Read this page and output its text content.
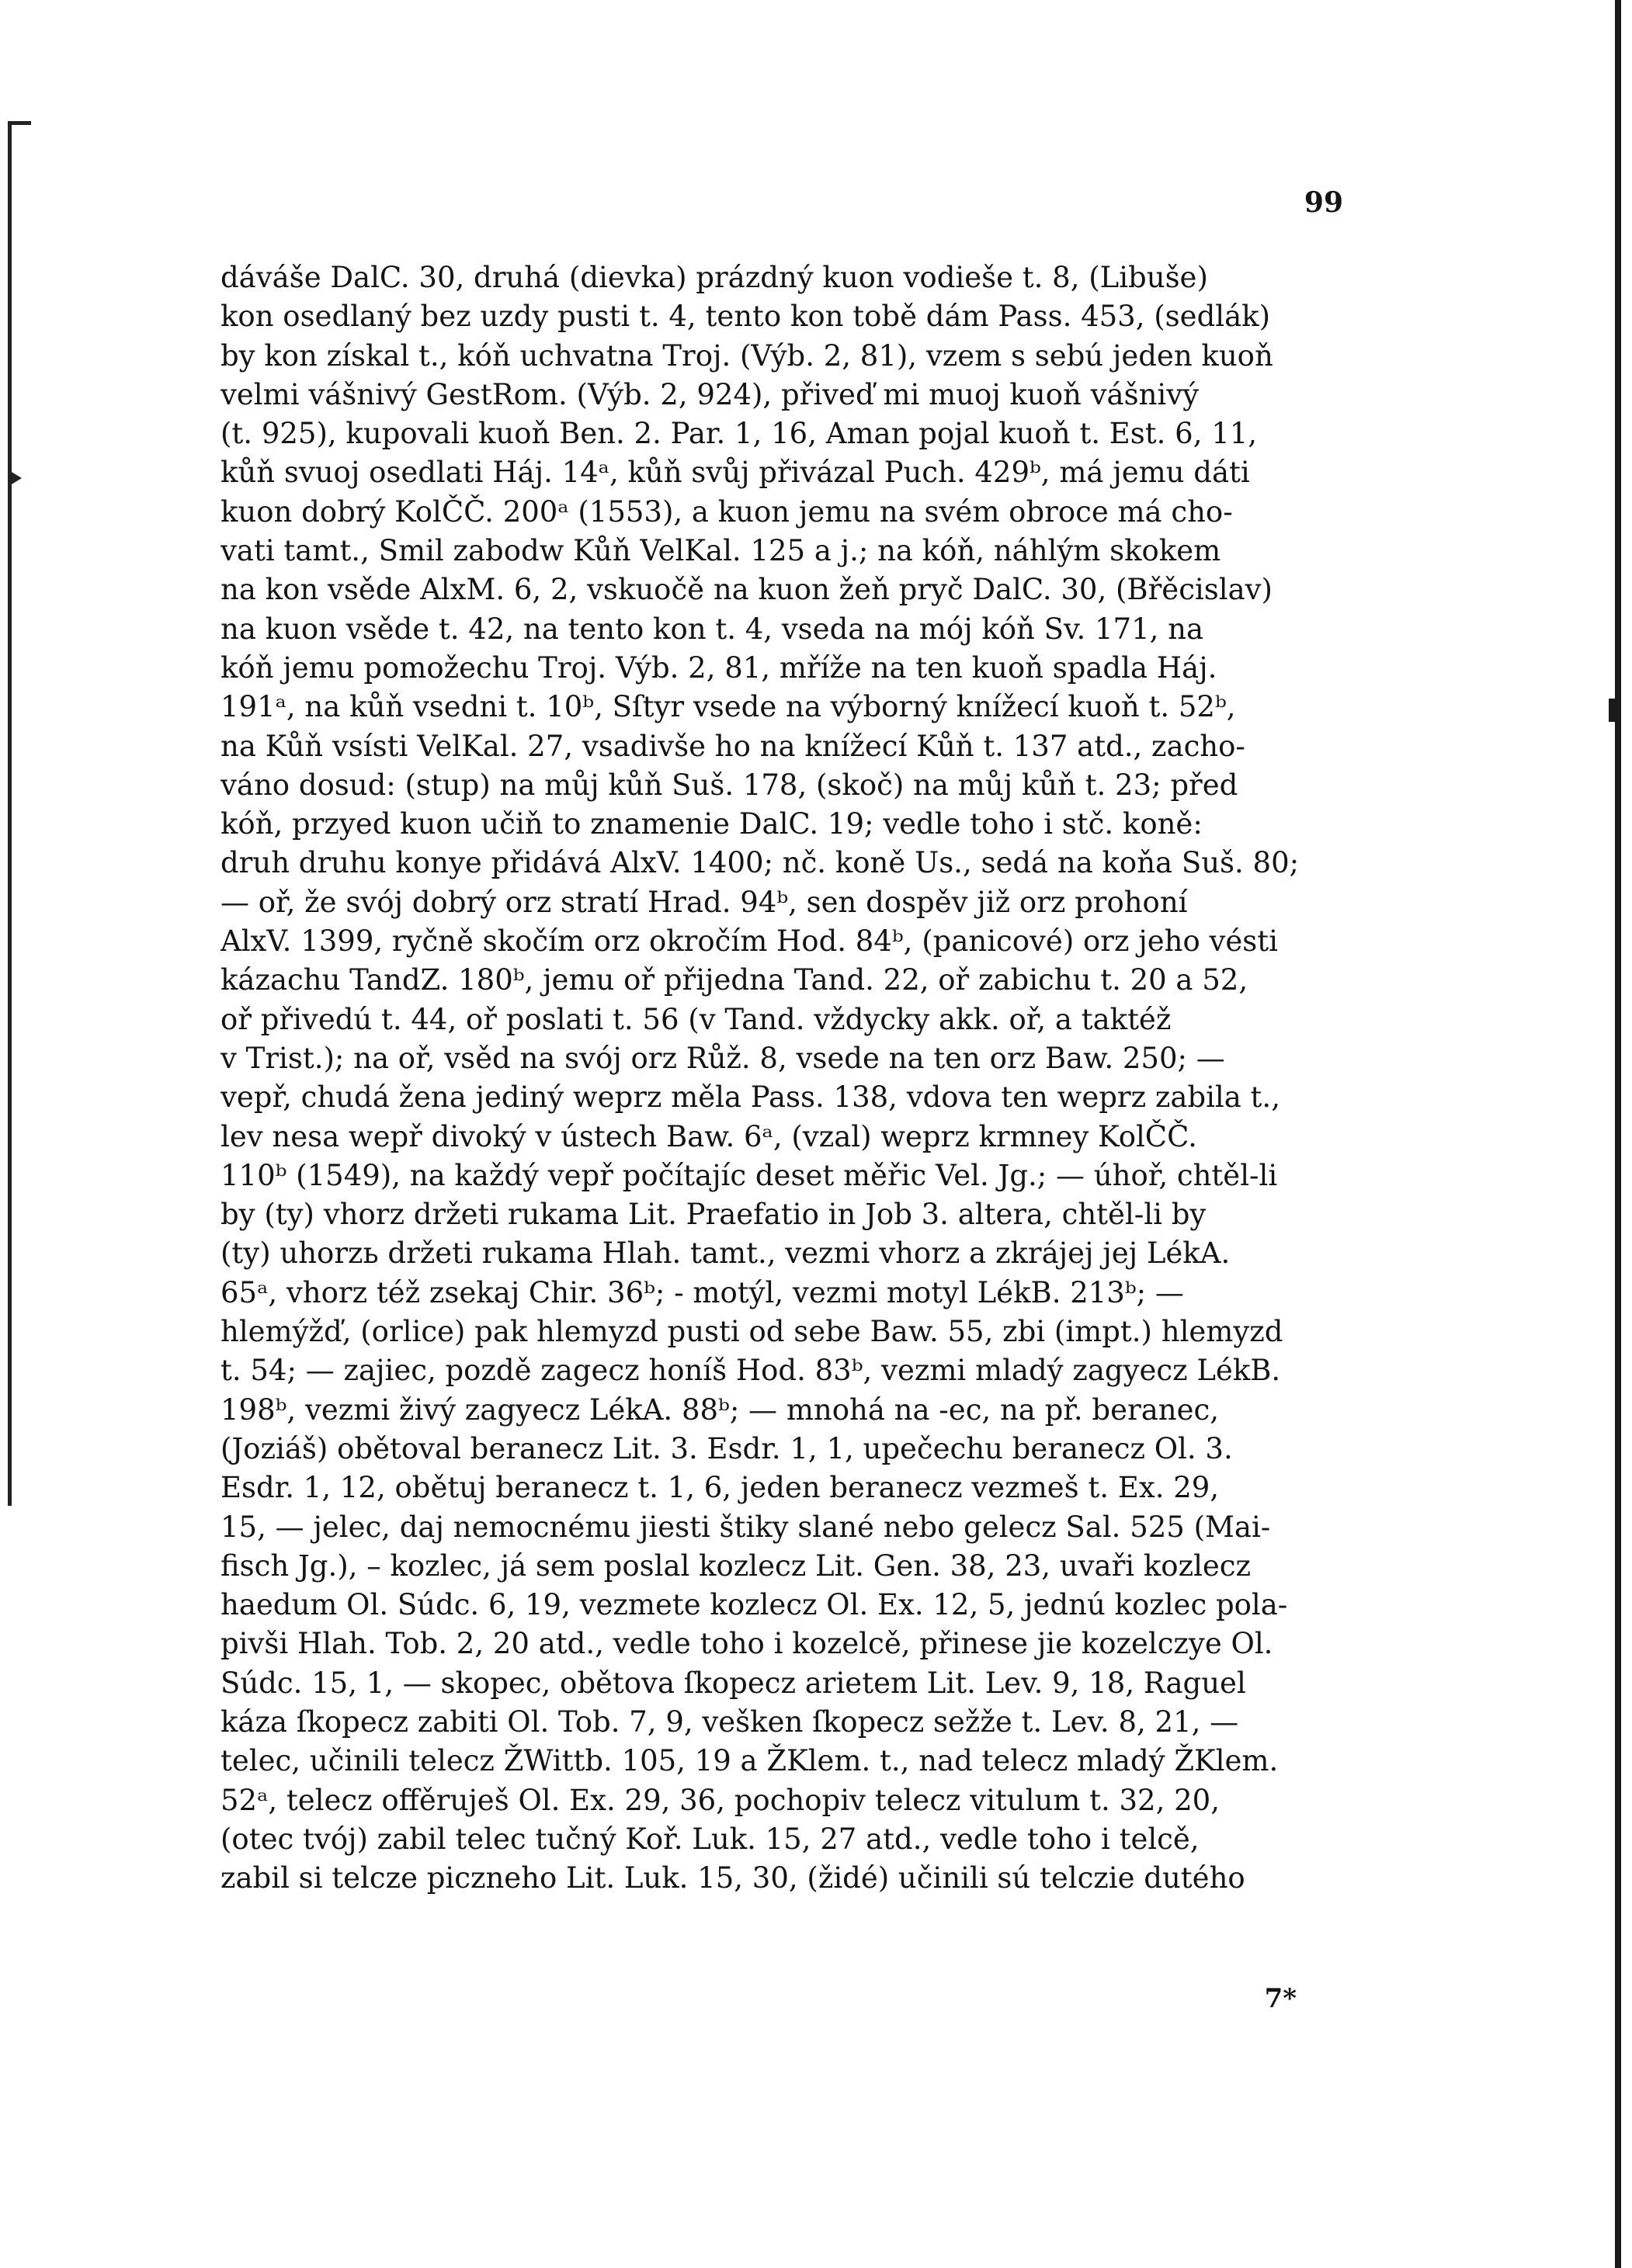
99
dáváše DalC. 30, druhá (dievka) prázdný kuon vodieše t. 8, (Libuše)
kon osedlaný bez uzdy pusti t. 4, tento kon tobě dám Pass. 453, (sedlák)
by kon získal t., kóň uchvatna Troj. (Výb. 2, 81), vzem s sebú jeden kuoň
velmi vášnivý GestRom. (Výb. 2, 924), přiveď mi muoj kuoň vášnivý
(t. 925), kupovali kuoň Ben. 2. Par. 1, 16, Aman pojal kuoň t. Est. 6, 11,
kůň svuoj osedlati Háj. 14ᵃ, kůň svůj přivázal Puch. 429ᵇ, má jemu dáti
kuon dobrý KolČČ. 200ᵃ (1553), a kuon jemu na svém obroce má cho-
vati tamt., Smil zabodw Kůň VelKal. 125 a j.; na kóň, náhlým skokem
na kon vsěde AlxM. 6, 2, vskuočě na kuon žeň pryč DalC. 30, (Břěcislav)
na kuon vsěde t. 42, na tento kon t. 4, vseda na mój kóň Sv. 171, na
kóň jemu pomožechu Troj. Výb. 2, 81, mříže na ten kuoň spadla Háj.
191ᵃ, na kůň vsedni t. 10ᵇ, Sſtyr vsede na výborný knížecí kuoň t. 52ᵇ,
na Kůň vsísti VelKal. 27, vsadivše ho na knížecí Kůň t. 137 atd., zacho-
váno dosud: (stup) na můj kůň Suš. 178, (skoč) na můj kůň t. 23; před
kóň, przyed kuon učiň to znamenie DalC. 19; vedle toho i stč. koně:
druh druhu konye přidává AlxV. 1400; nč. koně Us., sedá na koňa Suš. 80;
— oř, že svój dobrý orz stratí Hrad. 94ᵇ, sen dospěv již orz prohoní
AlxV. 1399, ryčně skočím orz okročím Hod. 84ᵇ, (panicové) orz jeho vésti
kázachu TandZ. 180ᵇ, jemu oř přijedna Tand. 22, oř zabichu t. 20 a 52,
oř přivedú t. 44, oř poslati t. 56 (v Tand. vždycky akk. oř, a taktéž
v Trist.); na oř, vsěd na svój orz Růž. 8, vsede na ten orz Baw. 250; —
vepř, chudá žena jediný weprz měla Pass. 138, vdova ten weprz zabila t.,
lev nesa wepř divoký v ústech Baw. 6ᵃ, (vzal) weprz krmney KolČČ.
110ᵇ (1549), na každý vepř počítajíc deset měřic Vel. Jg.; — úhoř, chtěl-li
by (ty) vhorz držeti rukama Lit. Praefatio in Job 3. altera, chtěl-li by
(ty) uhorzь držeti rukama Hlah. tamt., vezmi vhorz a zkrájej jej LékA.
65ᵃ, vhorz též zsekaj Chir. 36ᵇ; - motýl, vezmi motyl LékB. 213ᵇ; —
hlemýžď, (orlice) pak hlemyzd pusti od sebe Baw. 55, zbi (impt.) hlemyzd
t. 54; — zajiec, pozdě zagecz honíš Hod. 83ᵇ, vezmi mladý zagyecz LékB.
198ᵇ, vezmi živý zagyecz LékA. 88ᵇ; — mnohá na -ec, na př. beranec,
(Joziáš) obětoval beranecz Lit. 3. Esdr. 1, 1, upečechu beranecz Ol. 3.
Esdr. 1, 12, obětuj beranecz t. 1, 6, jeden beranecz vezmeš t. Ex. 29,
15, — jelec, daj nemocnému jiesti štiky slané nebo gelecz Sal. 525 (Mai-
fisch Jg.), – kozlec, já sem poslal kozlecz Lit. Gen. 38, 23, uvaři kozlecz
haedum Ol. Súdc. 6, 19, vezmete kozlecz Ol. Ex. 12, 5, jednú kozlec pola-
pivši Hlah. Tob. 2, 20 atd., vedle toho i kozelcě, přinese jie kozelczye Ol.
Súdc. 15, 1, — skopec, obětova ſkopecz arietem Lit. Lev. 9, 18, Raguel
káza ſkopecz zabiti Ol. Tob. 7, 9, vešken ſkopecz sežže t. Lev. 8, 21, —
telec, učinili telecz ŽWittb. 105, 19 a ŽKlem. t., nad telecz mladý ŽKlem.
52ᵃ, telecz offěruješ Ol. Ex. 29, 36, pochopiv telecz vitulum t. 32, 20,
(otec tvój) zabil telec tučný Koř. Luk. 15, 27 atd., vedle toho i telcě,
zabil si telcze piczneho Lit. Luk. 15, 30, (židé) učinili sú telczie dutého
7*
